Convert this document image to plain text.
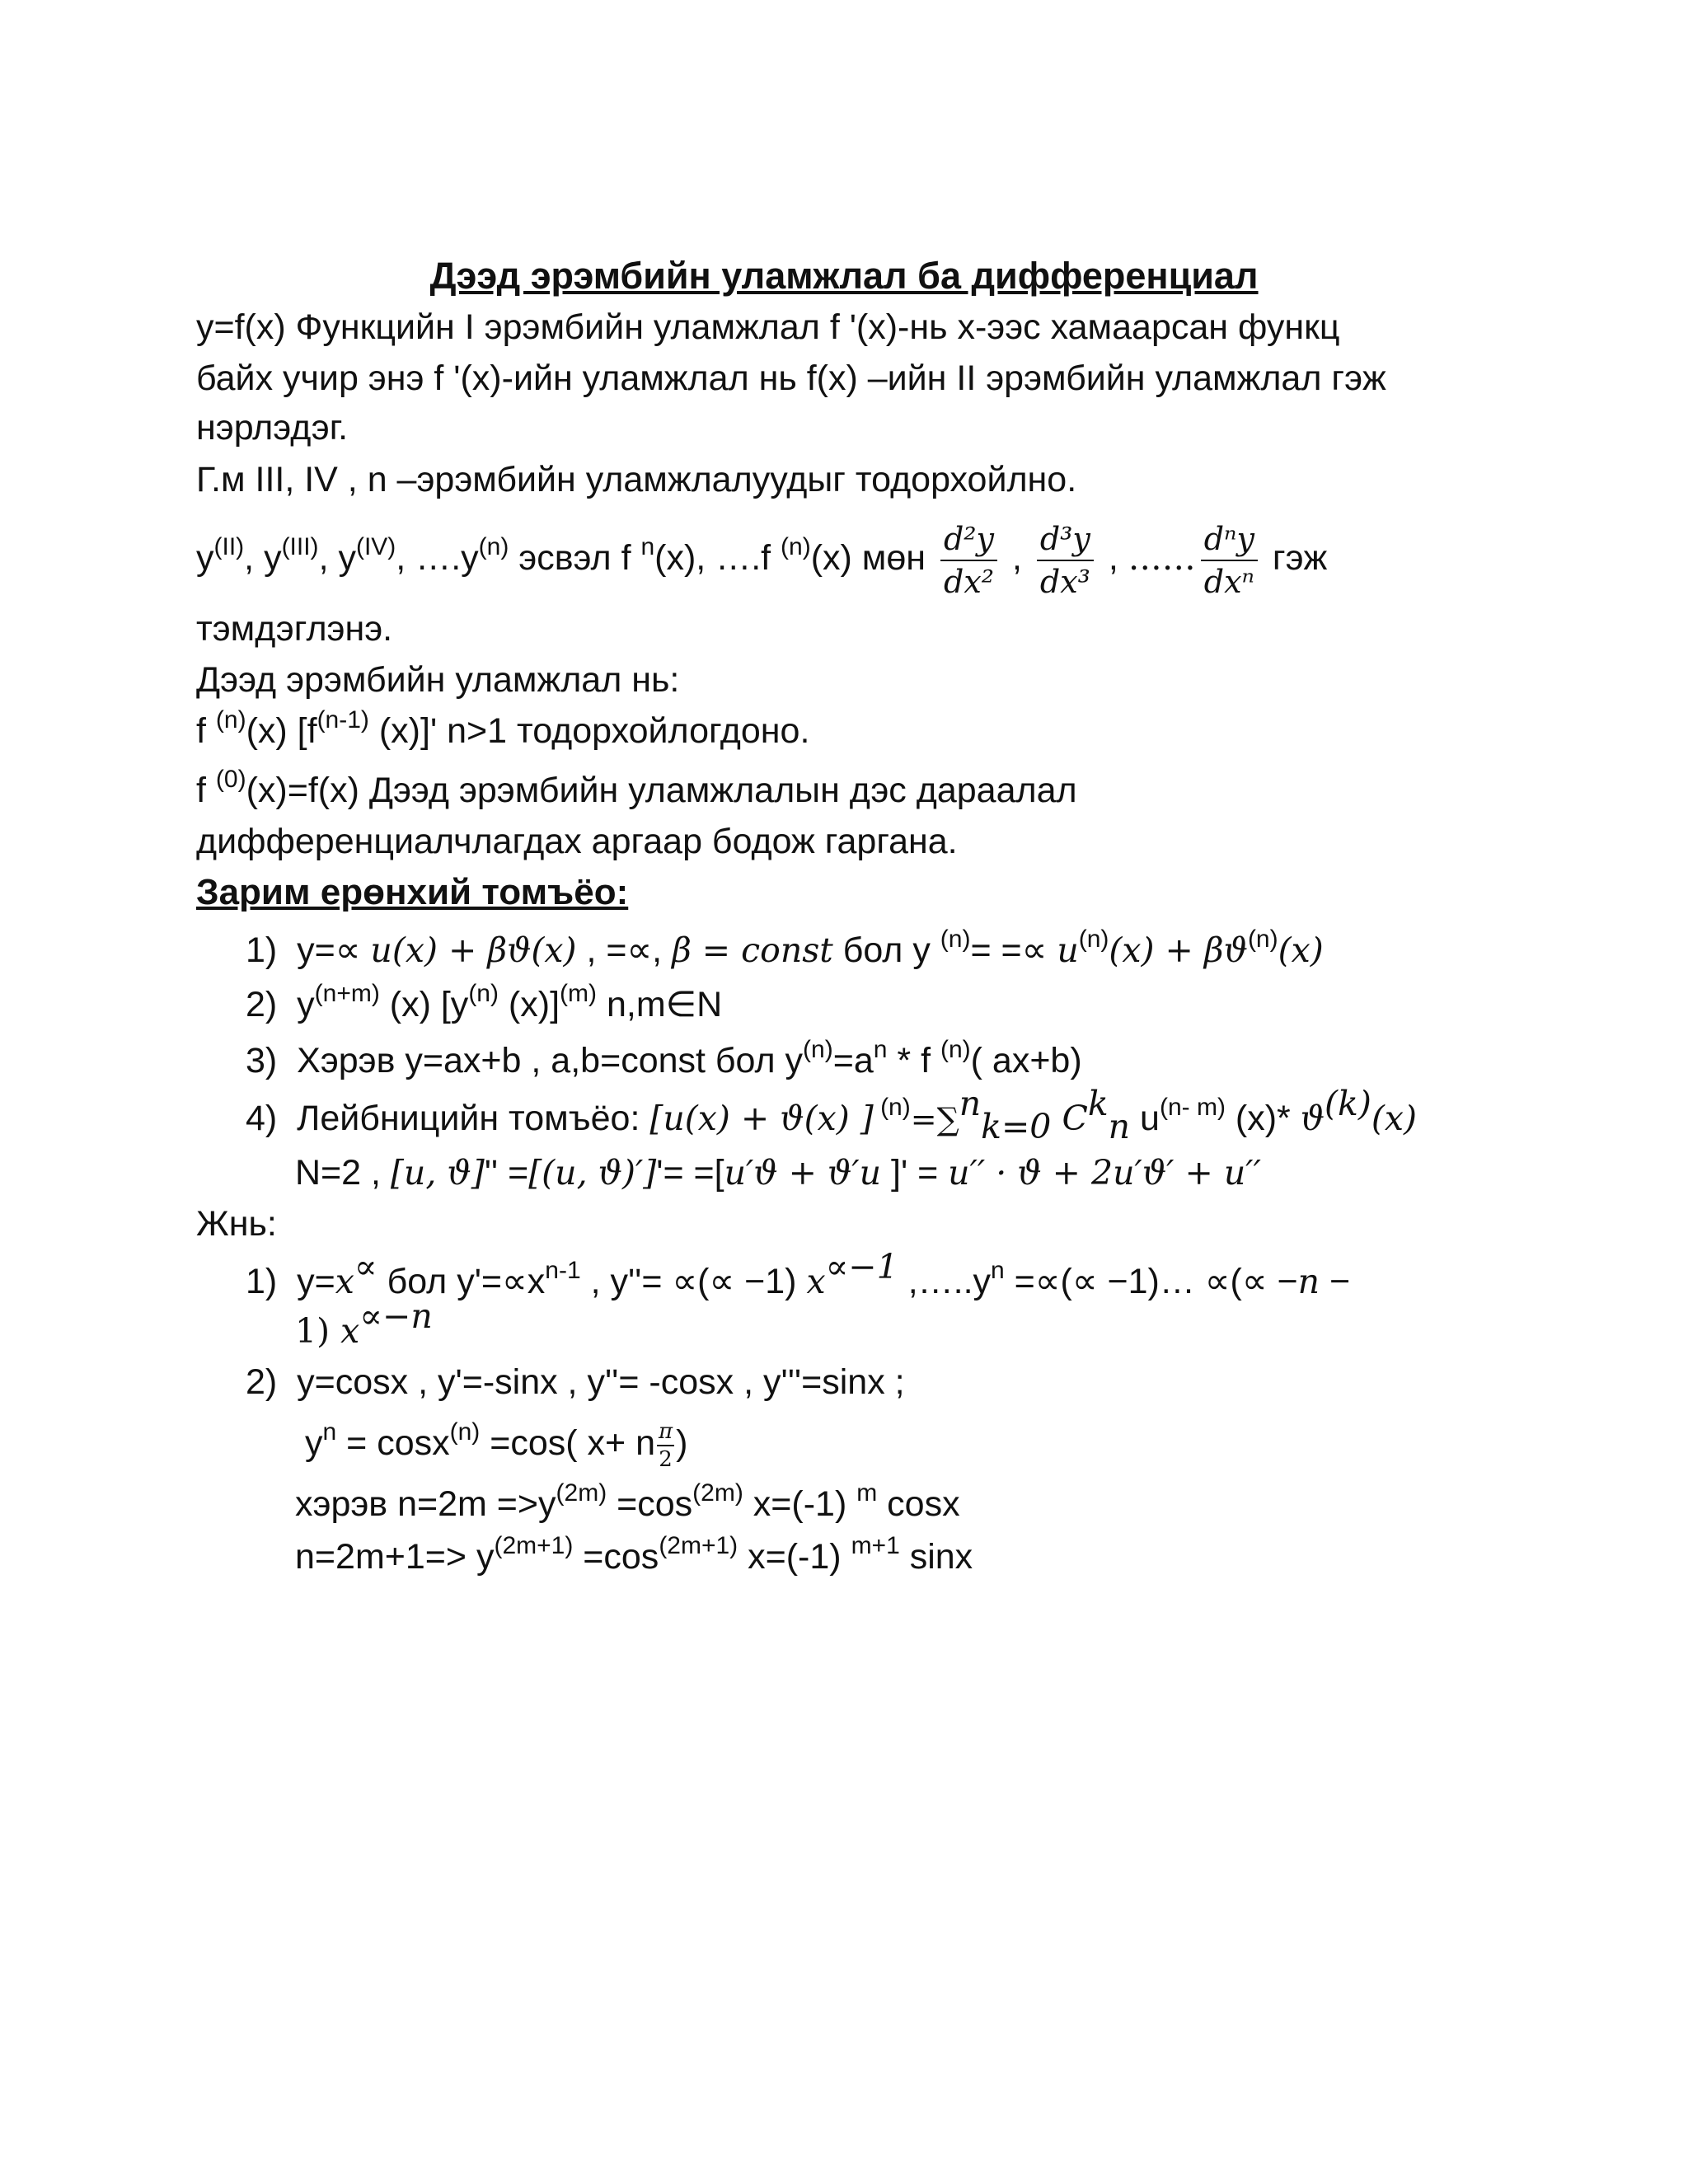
Дээд эрэмбийн уламжлал ба дифференциал
y=f(x) Функцийн I эрэмбийн уламжлал f '(x)-нь x-ээс хамаарсан функц
байх учир энэ f '(x)-ийн уламжлал нь f(x) –ийн II эрэмбийн уламжлал гэж
нэрлэдэг.
Г.м III, IV , n –эрэмбийн уламжлалуудыг тодорхойлно.
$y^{(II)}$, $y^{(III)}$, $y^{(IV)}$, $\dots.y^{(n)}$ эсвэл f $^n$(x), ….f $^{(n)}$(x) мөн $\frac{\text{d²y}}{\text{dx²}}$ , $\frac{\text{d³y}}{\text{dx³}}$ , …… $\frac{\text{dⁿy}}{\text{dxⁿ}}$ гэж
тэмдэглэнэ.
Дээд эрэмбийн уламжлал нь:
f $^{(n)}$(x) [$f^{(n-1)}$ (x)]' n>1 тодорхойлогдоно.
f $^{(0)}$(x)=f(x) Дээд эрэмбийн уламжлалын дэс дараалал
дифференциалчлагдах аргаар бодож гаргана.
Зарим ерөнхий томъёо:
1) y=∝ u(x) + βϑ(x) , =∝, β = const бол y $^{(n)}= =\propto u^{(n)}(x) + \beta ϑ^{(n)}(x)$
2) $y^{(n+m)}$ (x) [$y^{(n)}$ (x)]$^{(m)}$ n,m∈N
3) Хэрэв y=ax+b , a,b=const бол $y^{(n)}=a^n * f$ $^{(n)}$( ax+b)
4) Лейбницийн томъёо: [u(x) + ϑ(x) ] $^{(n)}$=∑$^n_{k=0}$ $C^k_n$ $u^{(n- m)}$ (x)* $ϑ^{(k)}(x)$
N=2 , [u, ϑ]'' =[(u, ϑ)′]'= =[u′ϑ + ϑ′u ]' = u′′ · ϑ + 2u′ϑ′ + u′′
Жнь:
1) y=x∝ бол $y'=\propto x^{n-1}$ , y''= ∝(∝ −1) $x^{\propto-1}$ $,\dots..y^n$ =∝(∝ −1)… ∝(∝ −n −
1) $x^{\propto-n}$
2) y=cosx , y'=-sinx , y''= -cosx , y'''=sinx ;
$y^n = \cos x^{(n)} =\cos$( x+ n $\frac{\pi}{2}$ )
хэрэв $n=2m =>y^{(2m)} =\cos^{(2m)}$ x=(-1) $^m$ cosx
$n=2m+1=> y^{(2m+1)} =\cos^{(2m+1)}$ x=(-1) $^{m+1}$ sinx
